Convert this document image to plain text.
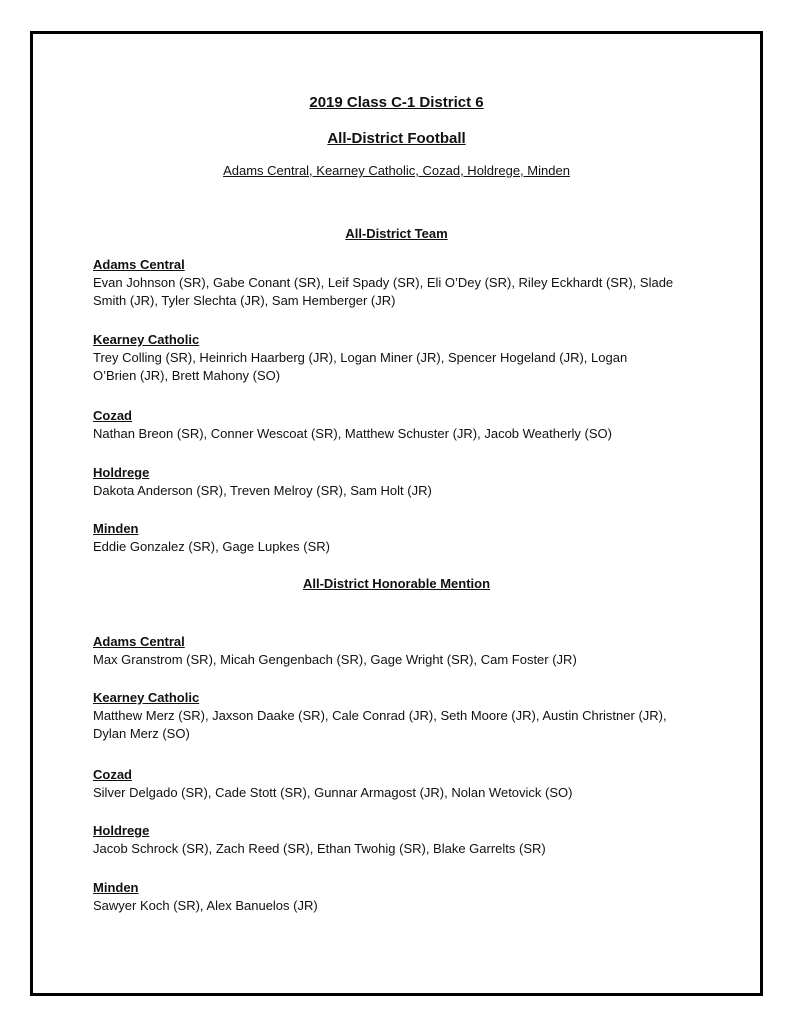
2019 Class C-1 District 6
All-District Football
Adams Central, Kearney Catholic, Cozad, Holdrege, Minden
All-District Team
Adams Central
Evan Johnson (SR), Gabe Conant (SR), Leif Spady (SR), Eli O’Dey (SR), Riley Eckhardt (SR), Slade
Smith (JR), Tyler Slechta (JR), Sam Hemberger (JR)
Kearney Catholic
Trey Colling (SR), Heinrich Haarberg (JR), Logan Miner (JR), Spencer Hogeland (JR), Logan
O’Brien (JR), Brett Mahony (SO)
Cozad
Nathan Breon (SR), Conner Wescoat (SR), Matthew Schuster (JR), Jacob Weatherly (SO)
Holdrege
Dakota Anderson (SR), Treven Melroy (SR), Sam Holt (JR)
Minden
Eddie Gonzalez (SR), Gage Lupkes (SR)
All-District Honorable Mention
Adams Central
Max Granstrom (SR), Micah Gengenbach (SR), Gage Wright (SR), Cam Foster (JR)
Kearney Catholic
Matthew Merz (SR), Jaxson Daake (SR), Cale Conrad (JR), Seth Moore (JR), Austin Christner (JR),
Dylan Merz (SO)
Cozad
Silver Delgado (SR), Cade Stott (SR), Gunnar Armagost (JR), Nolan Wetovick (SO)
Holdrege
Jacob Schrock (SR), Zach Reed (SR), Ethan Twohig (SR), Blake Garrelts (SR)
Minden
Sawyer Koch (SR), Alex Banuelos (JR)
